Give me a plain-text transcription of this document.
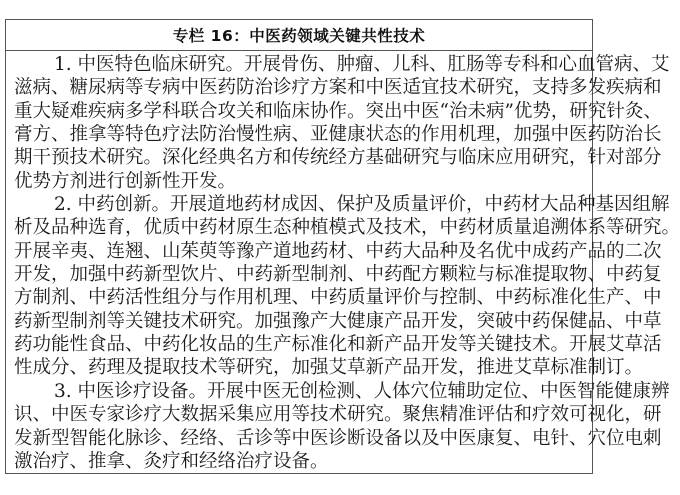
专栏 16：中医药领域关键共性技术
1. 中医特色临床研究。开展骨伤、肿瘤、儿科、肛肠等专科和心血管病、艾
滋病、糖尿病等专病中医药防治诊疗方案和中医适宜技术研究，支持多发疾病和
重大疑难疾病多学科联合攻关和临床协作。突出中医“治未病”优势，研究针灸、
膏方、推拿等特色疗法防治慢性病、亚健康状态的作用机理，加强中医药防治长
期干预技术研究。深化经典名方和传统经方基础研究与临床应用研究，针对部分
优势方剂进行创新性开发。
2. 中药创新。开展道地药材成因、保护及质量评价，中药材大品种基因组解
析及品种选育，优质中药材原生态种植模式及技术，中药材质量追溯体系等研究。
开展辛夷、连翘、山茱萸等豫产道地药材、中药大品种及名优中成药产品的二次
开发，加强中药新型饮片、中药新型制剂、中药配方颗粒与标准提取物、中药复
方制剂、中药活性组分与作用机理、中药质量评价与控制、中药标准化生产、中
药新型制剂等关键技术研究。加强豫产大健康产品开发，突破中药保健品、中草
药功能性食品、中药化妆品的生产标准化和新产品开发等关键技术。开展艾草活
性成分、药理及提取技术等研究，加强艾草新产品开发，推进艾草标准制订。
3. 中医诊疗设备。开展中医无创检测、人体穴位辅助定位、中医智能健康辨
识、中医专家诊疗大数据采集应用等技术研究。聚焦精准评估和疗效可视化，研
发新型智能化脉诊、经络、舌诊等中医诊断设备以及中医康复、电针、穴位电刺
激治疗、推拿、灸疗和经络治疗设备。
